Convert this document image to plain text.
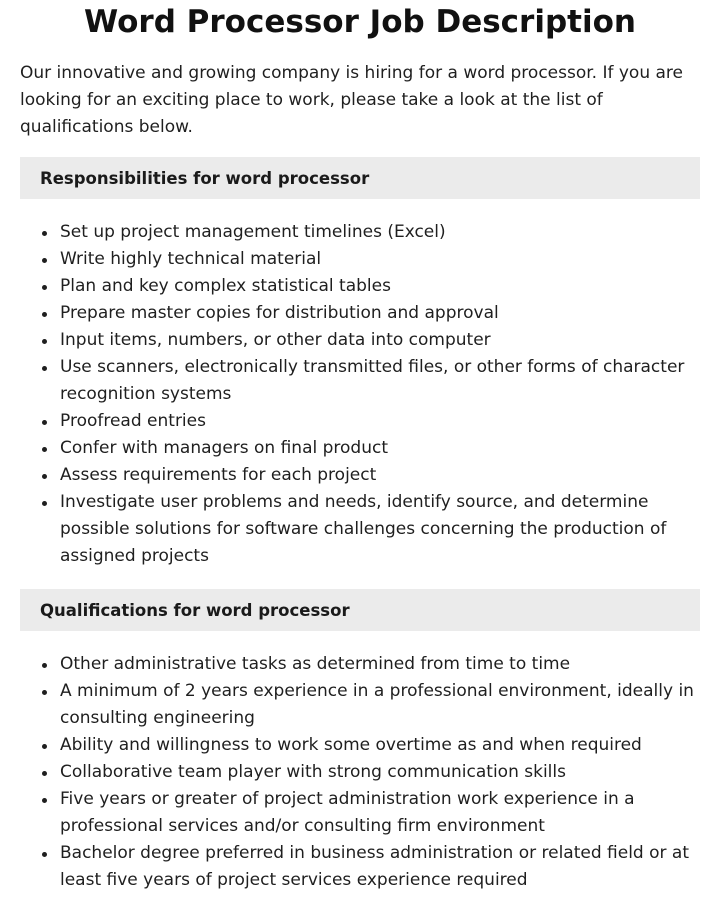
Word Processor Job Description

Our innovative and growing company is hiring for a word processor. If you are looking for an exciting place to work, please take a look at the list of qualifications below.

Responsibilities for word processor
Set up project management timelines (Excel)
Write highly technical material
Plan and key complex statistical tables
Prepare master copies for distribution and approval
Input items, numbers, or other data into computer
Use scanners, electronically transmitted files, or other forms of character recognition systems
Proofread entries
Confer with managers on final product
Assess requirements for each project
Investigate user problems and needs, identify source, and determine possible solutions for software challenges concerning the production of assigned projects
Qualifications for word processor
Other administrative tasks as determined from time to time
A minimum of 2 years experience in a professional environment, ideally in consulting engineering
Ability and willingness to work some overtime as and when required
Collaborative team player with strong communication skills
Five years or greater of project administration work experience in a professional services and/or consulting firm environment
Bachelor degree preferred in business administration or related field or at least five years of project services experience required
